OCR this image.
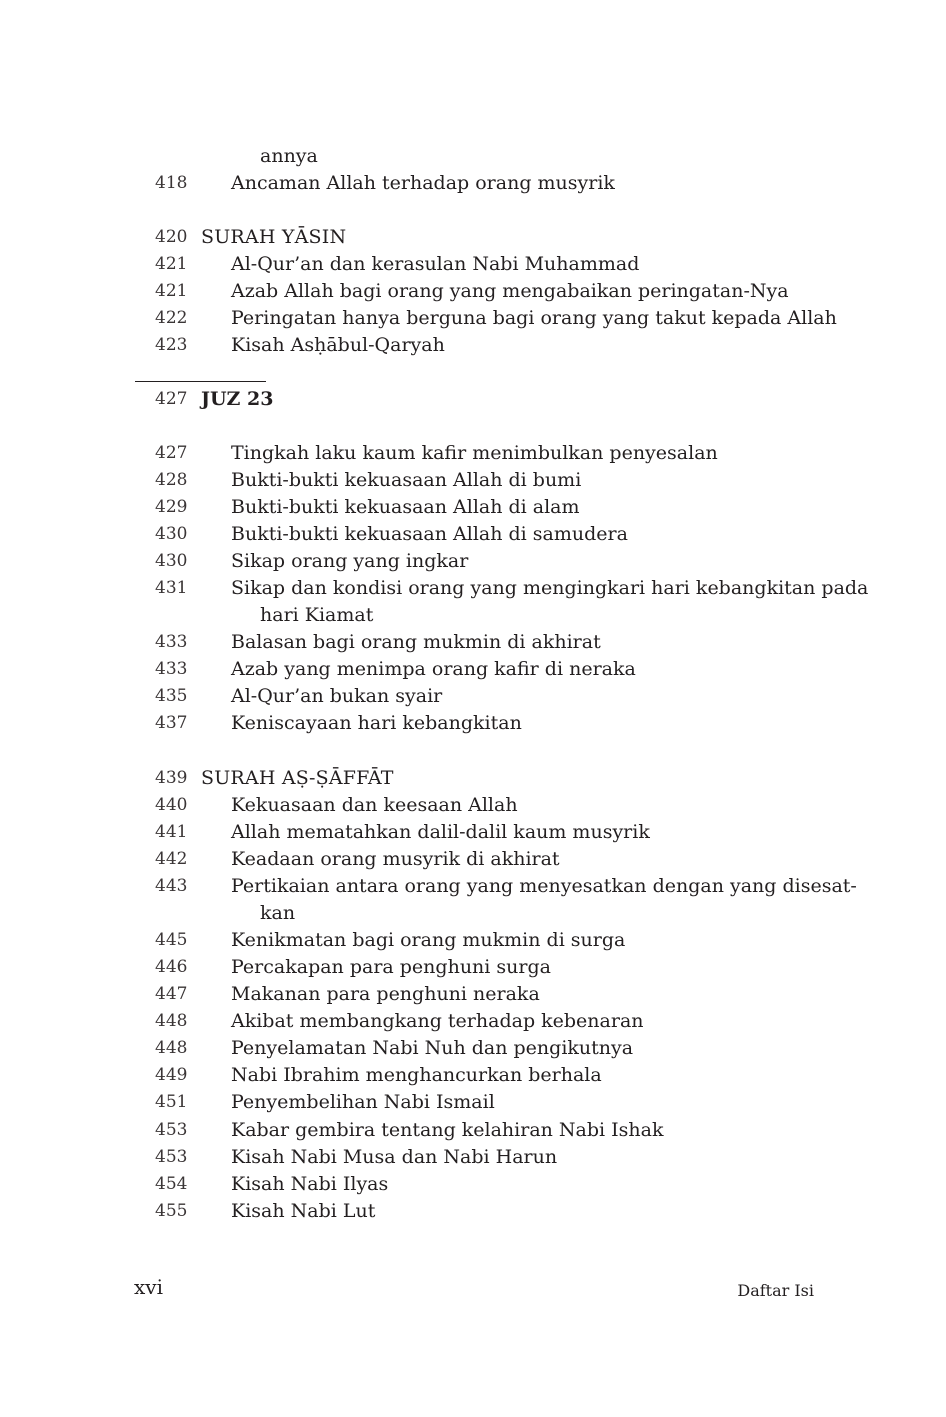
annya
418	Ancaman Allah terhadap orang musyrik
420 SURAH YĀSIN
421	Al-Qur’an dan kerasulan Nabi Muhammad
421	Azab Allah bagi orang yang mengabaikan peringatan-Nya
422	Peringatan hanya berguna bagi orang yang takut kepada Allah
423	Kisah Asḥābul-Qaryah
427 JUZ 23
427	Tingkah laku kaum kafir menimbulkan penyesalan
428	Bukti-bukti kekuasaan Allah di bumi
429	Bukti-bukti kekuasaan Allah di alam
430	Bukti-bukti kekuasaan Allah di samudera
430	Sikap orang yang ingkar
431	Sikap dan kondisi orang yang mengingkari hari kebangkitan pada
hari Kiamat
433	Balasan bagi orang mukmin di akhirat
433	Azab yang menimpa orang kafir di neraka
435	Al-Qur’an bukan syair
437	Keniscayaan hari kebangkitan
439 SURAH AṢ-ṢĀFFĀT
440	Kekuasaan dan keesaan Allah
441	Allah mematahkan dalil-dalil kaum musyrik
442	Keadaan orang musyrik di akhirat
443	Pertikaian antara orang yang menyesatkan dengan yang disesat-
kan
445	Kenikmatan bagi orang mukmin di surga
446	Percakapan para penghuni surga
447	Makanan para penghuni neraka
448	Akibat membangkang terhadap kebenaran
448	Penyelamatan Nabi Nuh dan pengikutnya
449	Nabi Ibrahim menghancurkan berhala
451	Penyembelihan Nabi Ismail
453	Kabar gembira tentang kelahiran Nabi Ishak
453	Kisah Nabi Musa dan Nabi Harun
454	Kisah Nabi Ilyas
455	Kisah Nabi Lut
xvi	Daftar Isi
